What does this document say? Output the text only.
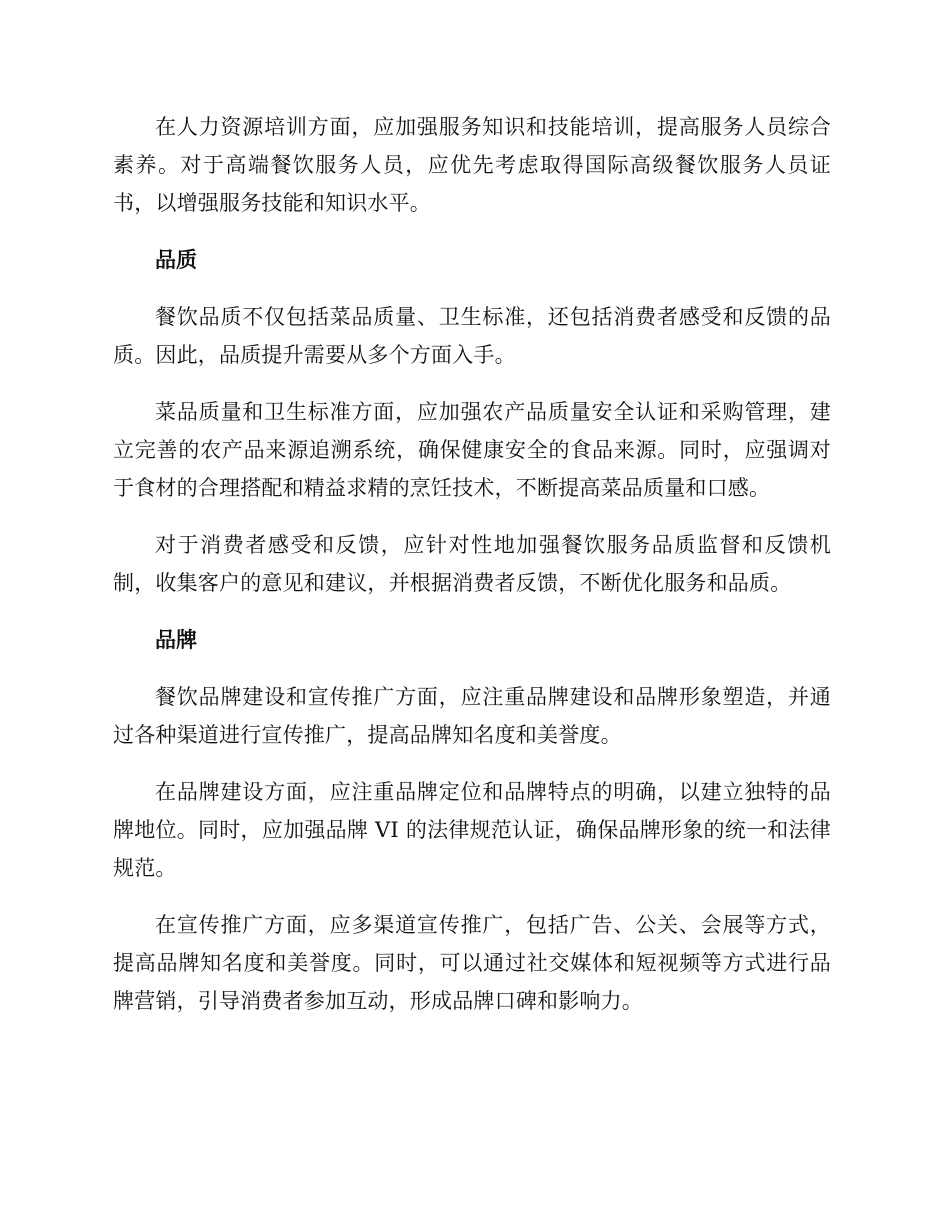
在人力资源培训方面，应加强服务知识和技能培训，提高服务人员综合素养。对于高端餐饮服务人员，应优先考虑取得国际高级餐饮服务人员证书，以增强服务技能和知识水平。

品质

餐饮品质不仅包括菜品质量、卫生标准，还包括消费者感受和反馈的品质。因此，品质提升需要从多个方面入手。

菜品质量和卫生标准方面，应加强农产品质量安全认证和采购管理，建立完善的农产品来源追溯系统，确保健康安全的食品来源。同时，应强调对于食材的合理搭配和精益求精的烹饪技术，不断提高菜品质量和口感。

对于消费者感受和反馈，应针对性地加强餐饮服务品质监督和反馈机制，收集客户的意见和建议，并根据消费者反馈，不断优化服务和品质。

品牌

餐饮品牌建设和宣传推广方面，应注重品牌建设和品牌形象塑造，并通过各种渠道进行宣传推广，提高品牌知名度和美誉度。

在品牌建设方面，应注重品牌定位和品牌特点的明确，以建立独特的品牌地位。同时，应加强品牌 VI 的法律规范认证，确保品牌形象的统一和法律规范。

在宣传推广方面，应多渠道宣传推广，包括广告、公关、会展等方式，提高品牌知名度和美誉度。同时，可以通过社交媒体和短视频等方式进行品牌营销，引导消费者参加互动，形成品牌口碑和影响力。
